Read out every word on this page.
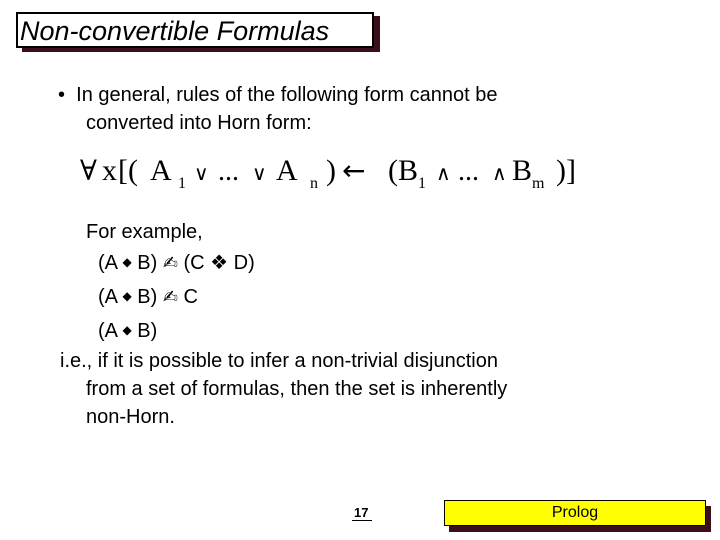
Non-convertible Formulas
• In general, rules of the following form cannot be
converted into Horn form:
∀ x [( A 1 ∨ ... ∨ A n ) ← ( B 1 ∧ ... ∧ B m )]
For example,
(A ◆ B) ✍ (C ❖ D)
(A ◆ B) ✍ C
(A ◆ B)
i.e., if it is possible to infer a non-trivial disjunction
from a set of formulas, then the set is inherently
non-Horn.
17	Prolog
